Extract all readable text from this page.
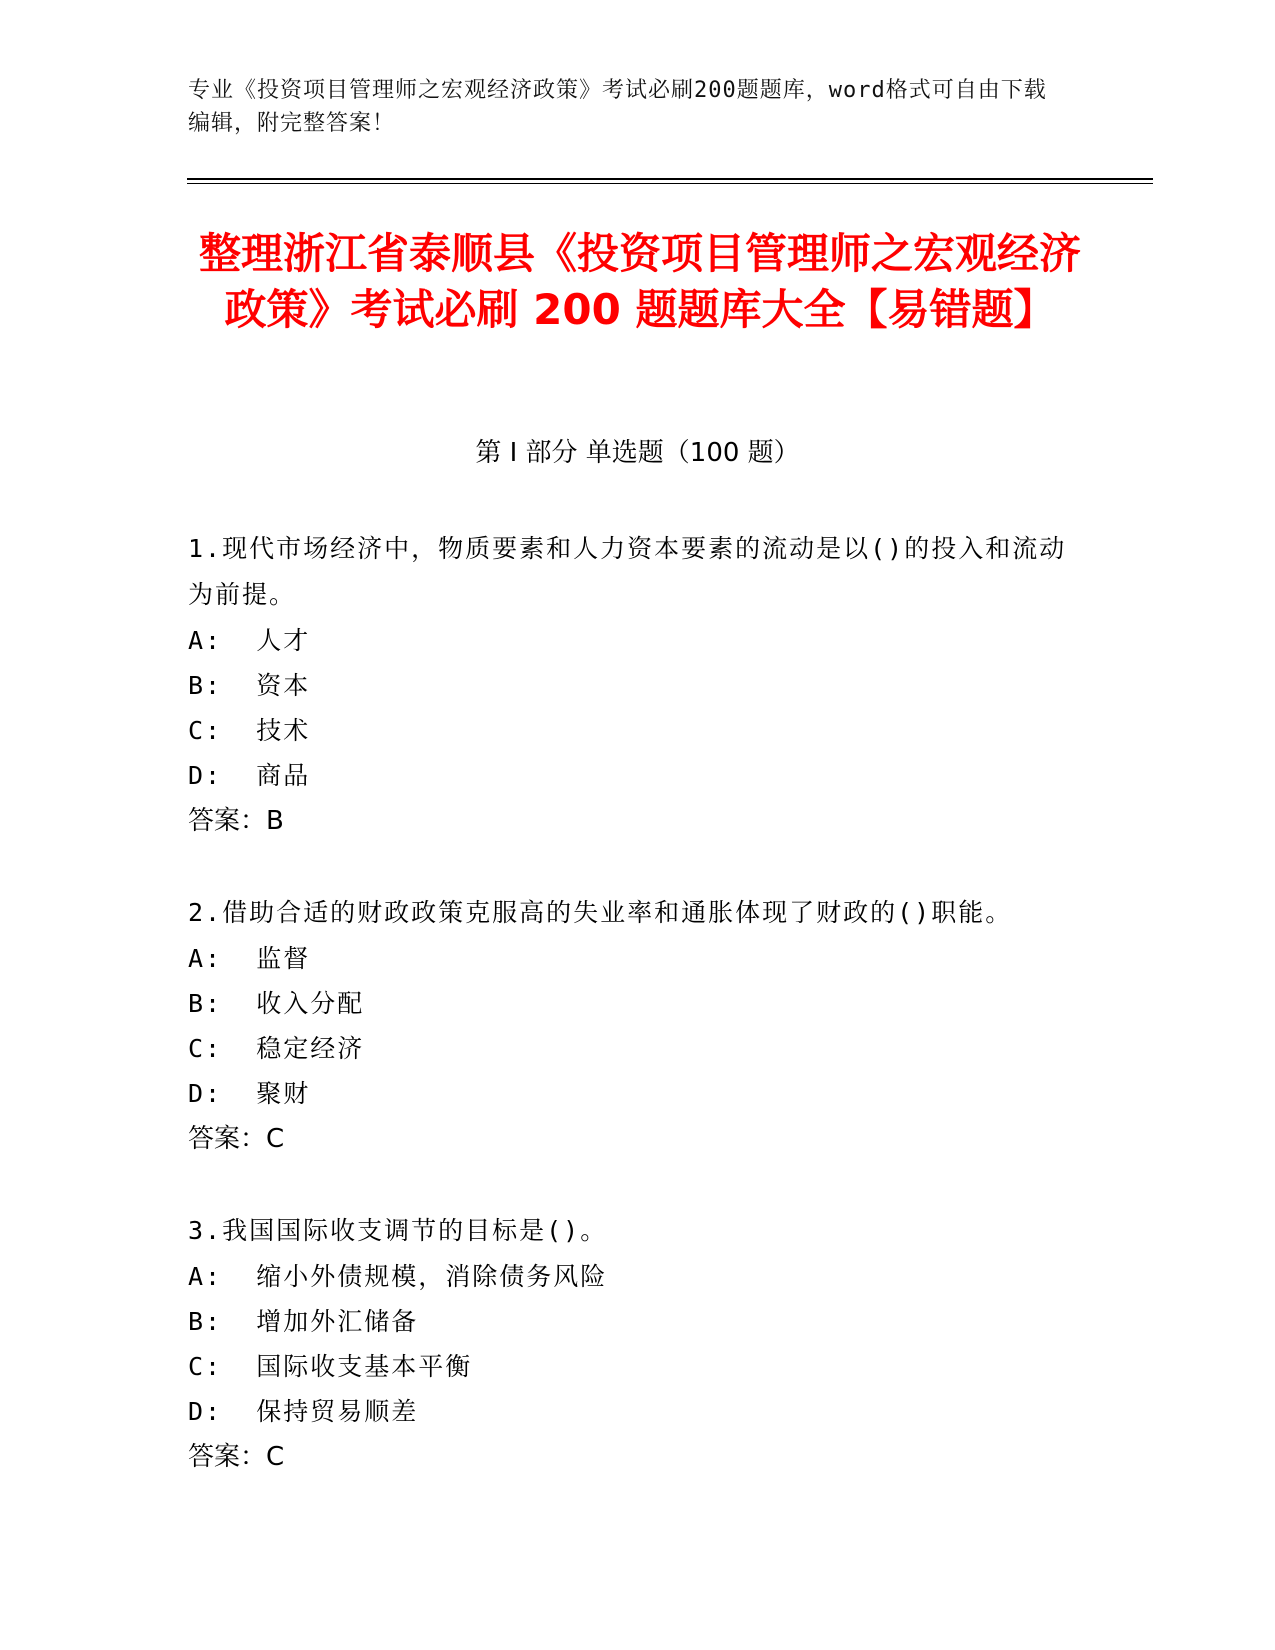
专业《投资项目管理师之宏观经济政策》考试必刷200题题库，word格式可自由下载编辑，附完整答案！
整理浙江省泰顺县《投资项目管理师之宏观经济政策》考试必刷 200 题题库大全【易错题】
第 I 部分 单选题（100 题）

1.现代市场经济中，物质要素和人力资本要素的流动是以()的投入和流动为前提。

A:  人才

B:  资本

C:  技术

D:  商品

答案：B

2.借助合适的财政政策克服高的失业率和通胀体现了财政的()职能。

A:  监督

B:  收入分配

C:  稳定经济

D:  聚财

答案：C

3.我国国际收支调节的目标是()。

A:  缩小外债规模，消除债务风险

B:  增加外汇储备

C:  国际收支基本平衡

D:  保持贸易顺差

答案：C
